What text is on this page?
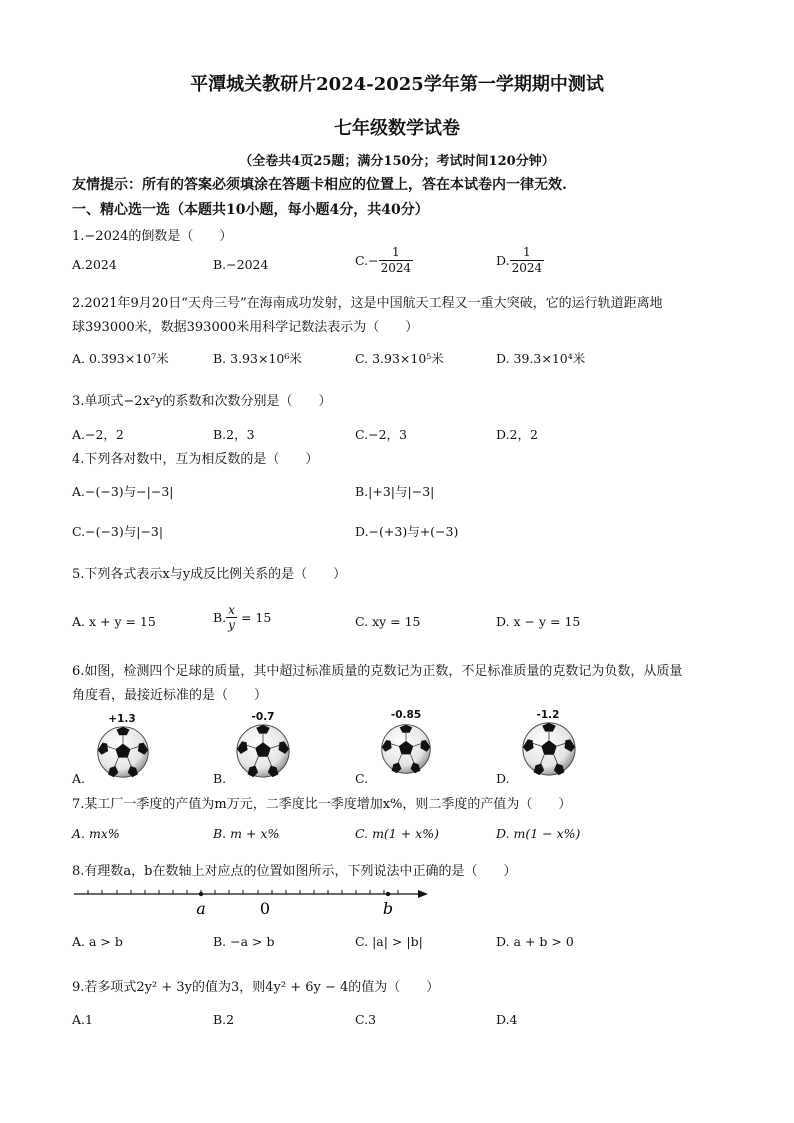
平潭城关教研片2024-2025学年第一学期期中测试
七年级数学试卷
（全卷共4页25题；满分150分；考试时间120分钟）
友情提示：所有的答案必须填涂在答题卡相应的位置上，答在本试卷内一律无效.
一、精心选一选（本题共10小题，每小题4分，共40分）
1.−2024的倒数是（　　）
A.2024	B.−2024	$C.- \frac{1}{2024}$	D. $\frac{1}{2024}$
2.2021年9月20日“天舟三号”在海南成功发射，这是中国航天工程又一重大突破，它的运行轨道距离地
球393000米，数据393000米用科学记数法表示为（　　）
A. 0.393×10⁷米	B. 3.93×10⁶米	C. 3.93×10⁵米	D. 39.3×10⁴米
3.单项式−2x²y的系数和次数分别是（　　）
A.−2，2	B.2，3	C.−2，3	D.2，2
4.下列各对数中，互为相反数的是（　　）
A.−(−3)与−|−3|	B.|+3|与|−3|
C.−(−3)与|−3|	D.−(+3)与+(−3)
5.下列各式表示x与y成反比例关系的是（　　）
A. x + y = 15	B. $\frac{x}{y} = 15$	C. xy = 15	D. x − y = 15
6.如图，检测四个足球的质量，其中超过标准质量的克数记为正数，不足标准质量的克数记为负数，从质量
角度看，最接近标准的是（　　）
+1.3
A.
-0.7
B.
-0.85
C.
-1.2
D.
7.某工厂一季度的产值为m万元，二季度比一季度增加x%，则二季度的产值为（　　）
A. mx%	B. m + x%	C. m(1 + x%)	D. m(1 − x%)
8.有理数a，b在数轴上对应点的位置如图所示，下列说法中正确的是（　　）
a	0	b
A. a > b	B. −a > b	C. |a| > |b|	D. a + b > 0
9.若多项式2y² + 3y的值为3，则4y² + 6y − 4的值为（　　）
A.1	B.2	C.3	D.4
